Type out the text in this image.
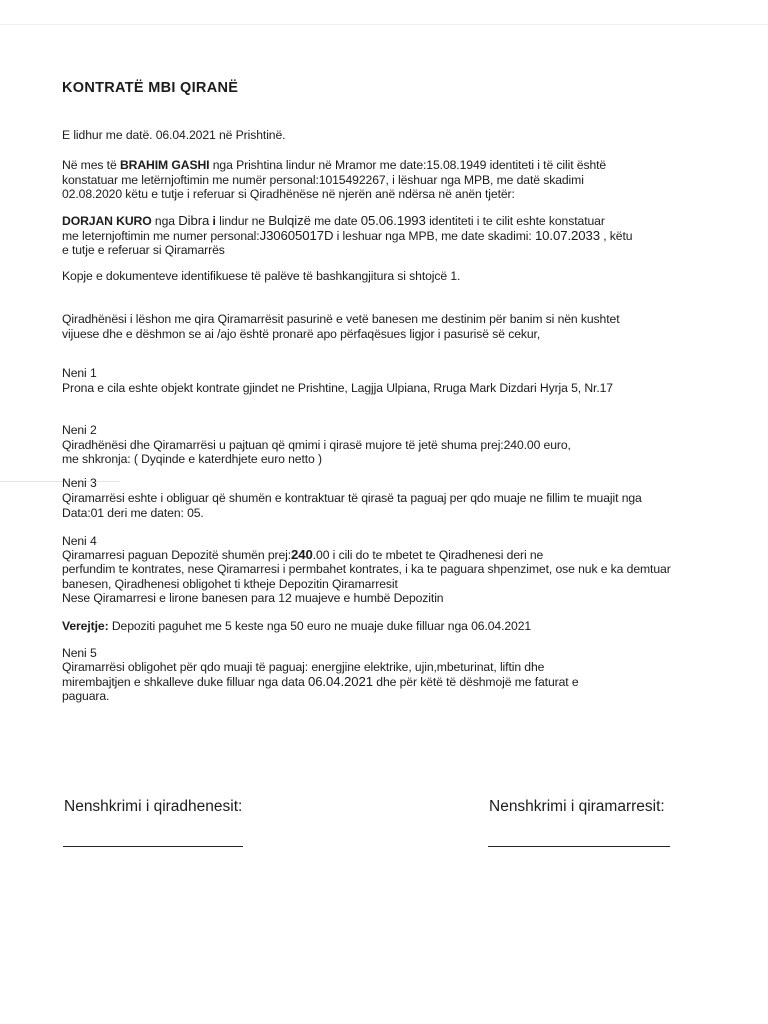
KONTRATË MBI QIRANË
E lidhur me datë. 06.04.2021 në Prishtinë.
Në mes të BRAHIM GASHI nga Prishtina lindur në Mramor me date:15.08.1949 identiteti i të cilit është
konstatuar me letërnjoftimin me numër personal:1015492267, i lëshuar nga MPB, me datë skadimi
02.08.2020 këtu e tutje i referuar si Qiradhënëse në njerën anë ndërsa në anën tjetër:
DORJAN KURO nga Dibra i lindur ne Bulqizë me date 05.06.1993 identiteti i te cilit eshte konstatuar
me leternjoftimin me numer personal:J30605017D i leshuar nga MPB, me date skadimi: 10.07.2033 , këtu
e tutje e referuar si Qiramarrës
Kopje e dokumenteve identifikuese të palëve të bashkangjitura si shtojcë 1.
Qiradhënësi i lëshon me qira Qiramarrësit pasurinë e vetë banesen me destinim për banim si nën kushtet
vijuese dhe e dëshmon se ai /ajo është pronarë apo përfaqësues ligjor i pasurisë së cekur,
Neni 1
Prona e cila eshte objekt kontrate gjindet ne Prishtine, Lagjja Ulpiana, Rruga Mark Dizdari Hyrja 5, Nr.17
Neni 2
Qiradhënësi dhe Qiramarrësi u pajtuan që qmimi i qirasë mujore të jetë shuma prej:240.00 euro,
me shkronja: ( Dyqinde e katerdhjete euro netto )
Neni 3
Qiramarrësi eshte i obliguar që shumën e kontraktuar të qirasë ta paguaj per qdo muaje ne fillim te muajit nga
Data:01 deri me daten: 05.
Neni 4
Qiramarresi paguan Depozitë shumën prej:240.00 i cili do te mbetet te Qiradhenesi deri ne
perfundim te kontrates, nese Qiramarresi i permbahet kontrates, i ka te paguara shpenzimet, ose nuk e ka demtuar
banesen, Qiradhenesi obligohet ti ktheje Depozitin Qiramarresit
Nese Qiramarresi e lirone banesen para 12 muajeve e humbë Depozitin
Verejtje: Depoziti paguhet me 5 keste nga 50 euro ne muaje duke filluar nga 06.04.2021
Neni 5
Qiramarrësi obligohet për qdo muaji të paguaj: energjine elektrike, ujin,mbeturinat, liftin dhe
mirembajtjen e shkalleve duke filluar nga data 06.04.2021 dhe për këtë të dëshmojë me faturat e
paguara.
Nenshkrimi i qiradhenesit:	Nenshkrimi i qiramarresit:
